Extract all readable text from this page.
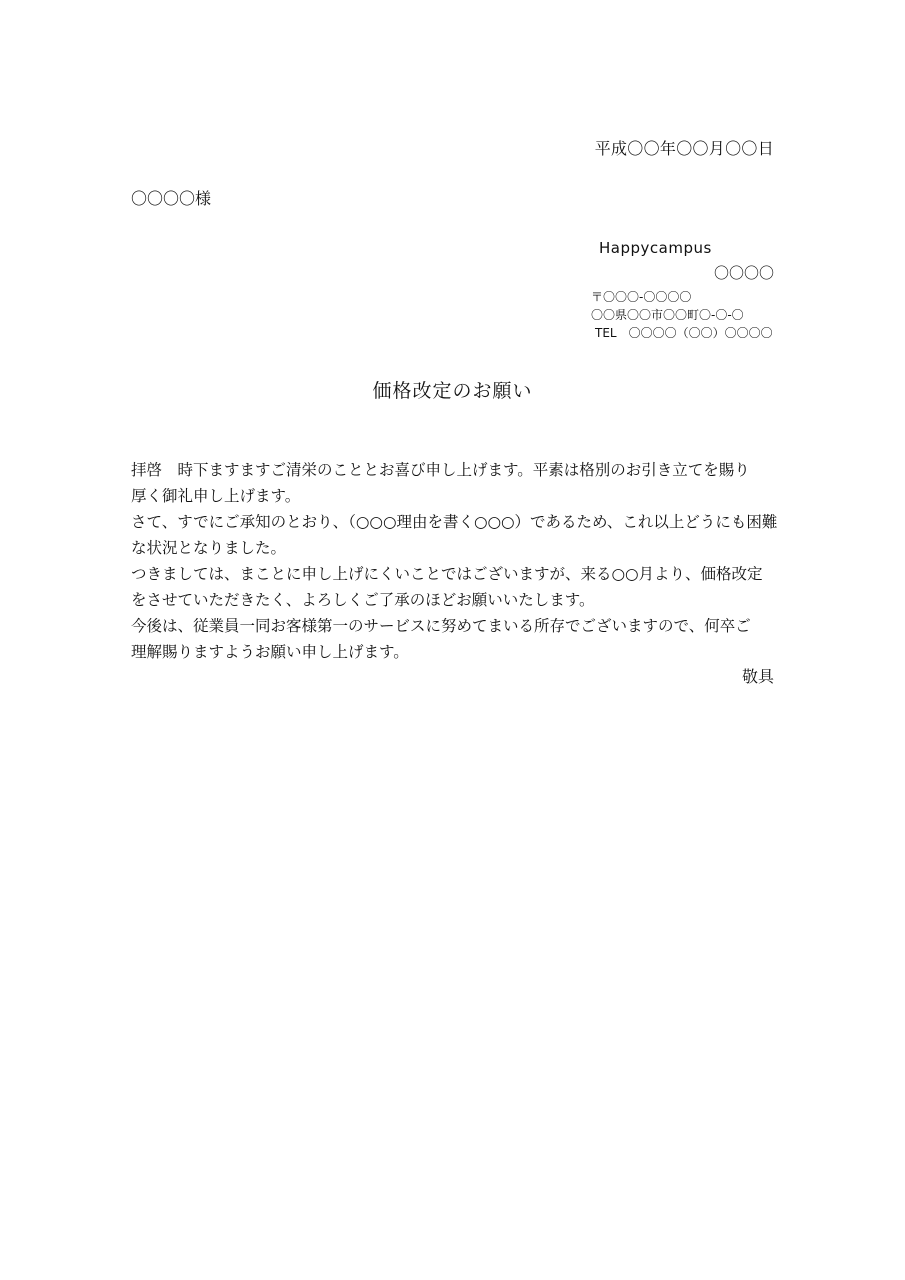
平成〇〇年〇〇月〇〇日
〇〇〇〇様
Happycampus
〇〇〇〇
〒〇〇〇-〇〇〇〇
〇〇県〇〇市〇〇町〇-〇-〇
TEL　〇〇〇〇（〇〇）〇〇〇〇
価格改定のお願い
拝啓　時下ますますご清栄のこととお喜び申し上げます。平素は格別のお引き立てを賜り
厚く御礼申し上げます。
さて、すでにご承知のとおり、（○○○理由を書く○○○）であるため、これ以上どうにも困難
な状況となりました。
つきましては、まことに申し上げにくいことではございますが、来る○○月より、価格改定
をさせていただきたく、よろしくご了承のほどお願いいたします。
今後は、従業員一同お客様第一のサービスに努めてまいる所存でございますので、何卒ご
理解賜りますようお願い申し上げます。
敬具
